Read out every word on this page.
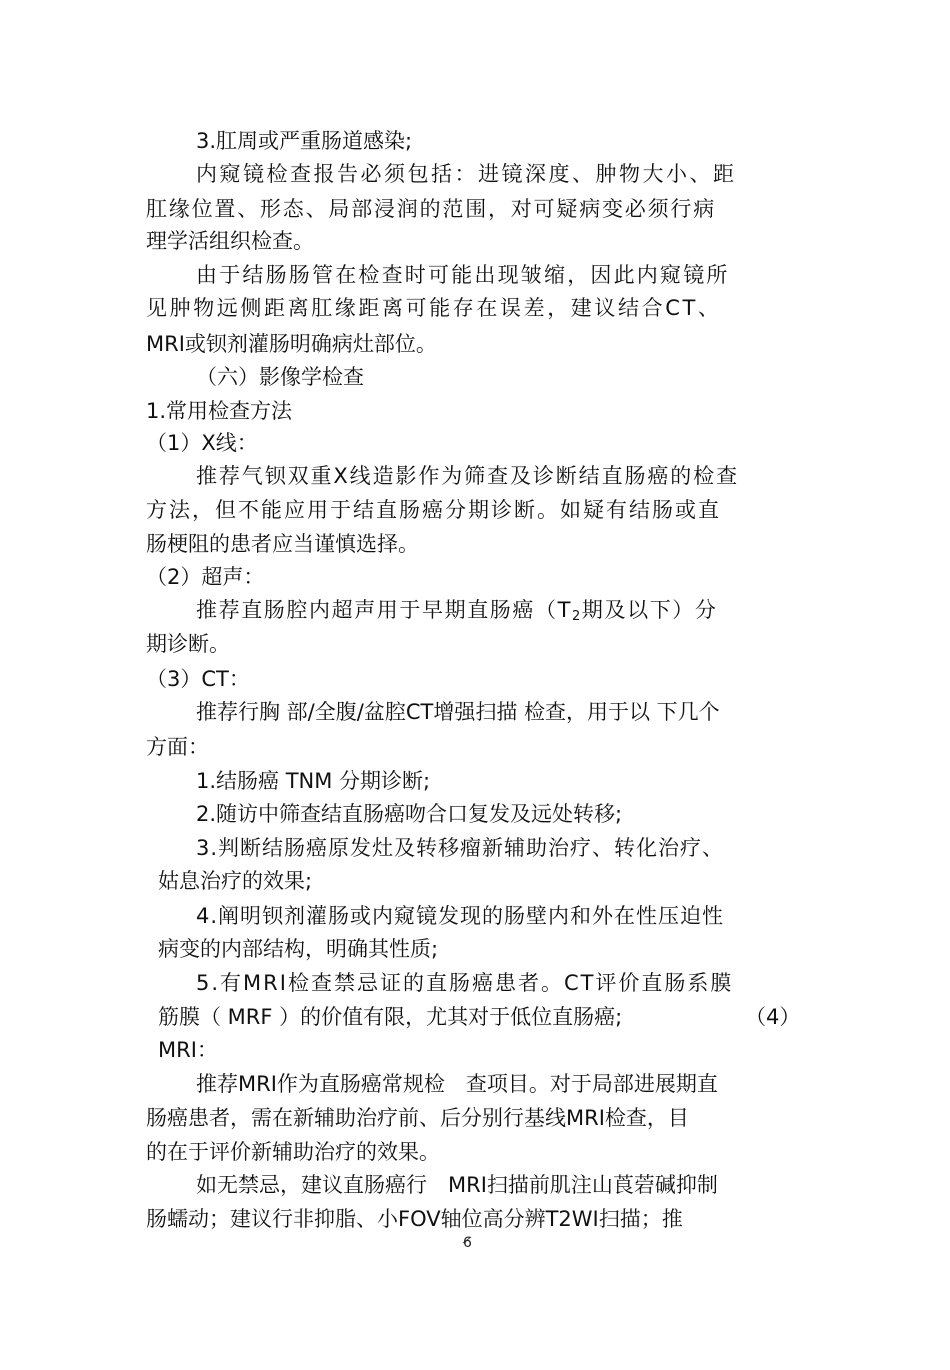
3.肛周或严重肠道感染;
内窥镜检查报告必须包括：进镜深度、肿物大小、距
肛缘位置、形态、局部浸润的范围，对可疑病变必须行病
理学活组织检查。
由于结肠肠管在检查时可能出现皱缩，因此内窥镜所
见肿物远侧距离肛缘距离可能存在误差，建议结合CT、
MRI或钡剂灌肠明确病灶部位。
（六）影像学检查
1.常用检查方法
（1）X线：
推荐气钡双重X线造影作为筛查及诊断结直肠癌的检查
方法，但不能应用于结直肠癌分期诊断。如疑有结肠或直
肠梗阻的患者应当谨慎选择。
（2）超声：
推荐直肠腔内超声用于早期直肠癌（$T_2$期及以下）分
期诊断。
（3）CT：
推荐行胸 部/全腹/盆腔CT增强扫描 检查，用于以 下几个
方面：
1.结肠癌 TNM 分期诊断;
2.随访中筛查结直肠癌吻合口复发及远处转移;
3.判断结肠癌原发灶及转移瘤新辅助治疗、转化治疗、
姑息治疗的效果;
4.阐明钡剂灌肠或内窥镜发现的肠壁内和外在性压迫性
病变的内部结构，明确其性质;
5.有MRI检查禁忌证的直肠癌患者。CT评价直肠系膜
筋膜（ MRF ）的价值有限，尤其对于低位直肠癌;	（4）
MRI：
推荐MRI作为直肠癌常规检　查项目。对于局部进展期直
肠癌患者，需在新辅助治疗前、后分别行基线MRI检查，目
的在于评价新辅助治疗的效果。
如无禁忌，建议直肠癌行　MRI扫描前肌注山莨菪碱抑制
肠蠕动；建议行非抑脂、小FOV轴位高分辨T2WI扫描；推
6
